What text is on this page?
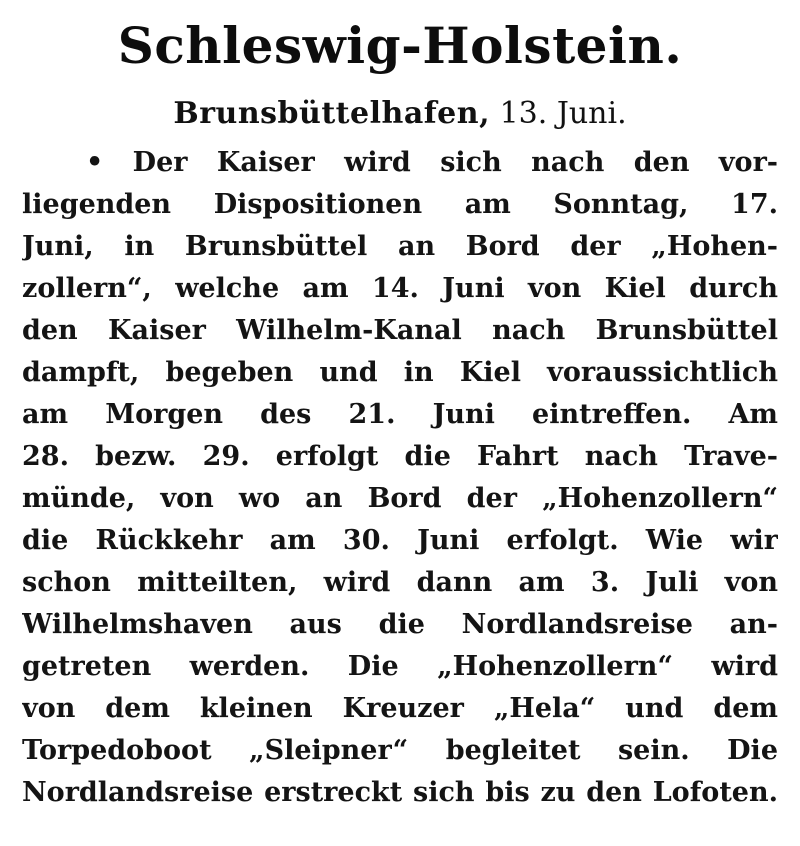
Schleswig-Holstein.
Brunsbüttelhafen, 13. Juni.
• Der Kaiser wird sich nach den vor-
liegenden Dispositionen am Sonntag, 17.
Juni, in Brunsbüttel an Bord der „Hohen-
zollern“, welche am 14. Juni von Kiel durch
den Kaiser Wilhelm-Kanal nach Brunsbüttel
dampft, begeben und in Kiel voraussichtlich
am Morgen des 21. Juni eintreffen. Am
28. bezw. 29. erfolgt die Fahrt nach Trave-
münde, von wo an Bord der „Hohenzollern“
die Rückkehr am 30. Juni erfolgt. Wie wir
schon mitteilten, wird dann am 3. Juli von
Wilhelmshaven aus die Nordlandsreise an-
getreten werden. Die „Hohenzollern“ wird
von dem kleinen Kreuzer „Hela“ und dem
Torpedoboot „Sleipner“ begleitet sein. Die
Nordlandsreise erstreckt sich bis zu den Lofoten.
